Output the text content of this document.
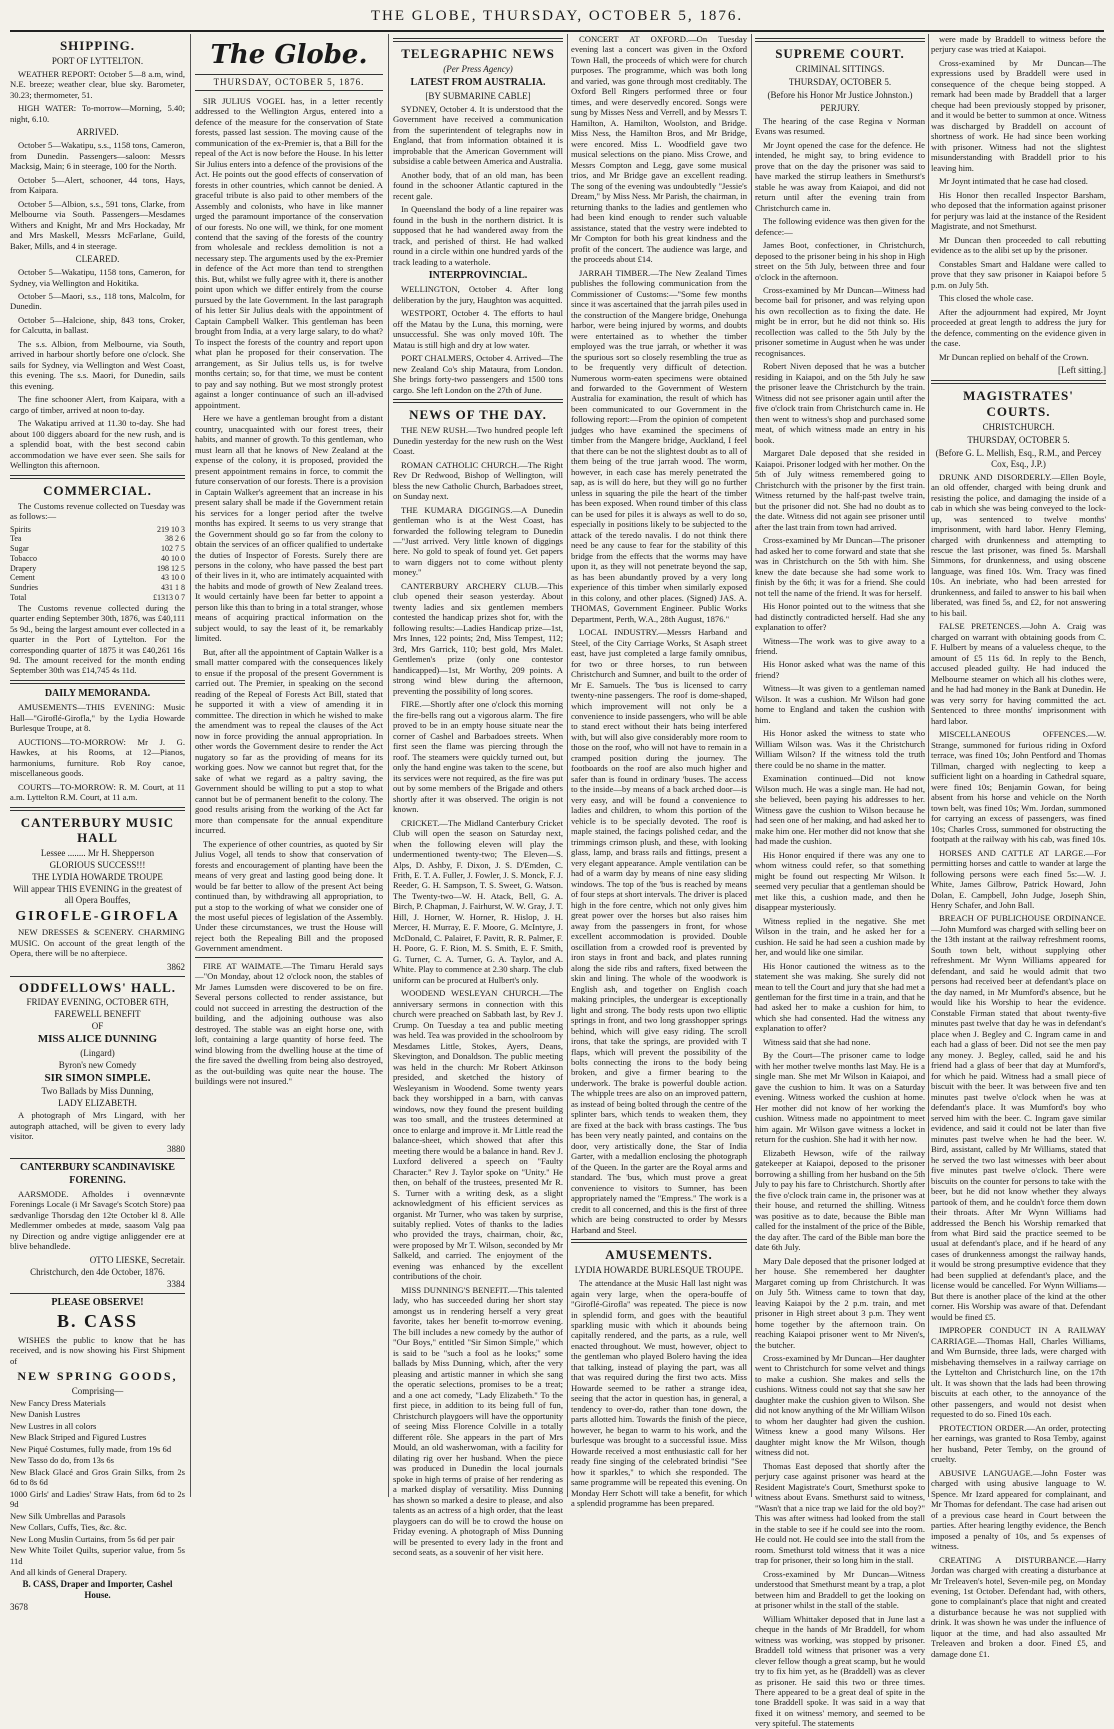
THE GLOBE, THURSDAY, OCTOBER 5, 1876.
SHIPPING.
PORT OF LYTTELTON.

WEATHER REPORT: October 5—8 a.m, wind, N.E. breeze; weather clear, blue sky. Barometer, 30.23; thermometer, 51.

HIGH WATER: To-morrow—Morning, 5.40; night, 6.10.

ARRIVED.

October 5—Wakatipu, s.s., 1158 tons, Cameron, from Dunedin. Passengers—saloon: Messrs Macksig, Main; 6 in steerage, 100 for the North.

October 5—Alert, schooner, 44 tons, Hays, from Kaipara.

October 5—Albion, s.s., 591 tons, Clarke, from Melbourne via South. Passengers—Mesdames Withers and Knight, Mr and Mrs Hockaday, Mr and Mrs Maskell, Messrs McFarlane, Guild, Baker, Mills, and 4 in steerage.

CLEARED.

October 5—Wakatipu, 1158 tons, Cameron, for Sydney, via Wellington and Hokitika.

October 5—Maori, s.s., 118 tons, Malcolm, for Dunedin.

October 5—Halcione, ship, 843 tons, Croker, for Calcutta, in ballast.

The s.s. Albion, from Melbourne, via South, arrived in harbour shortly before one o'clock. She sails for Sydney, via Wellington and West Coast, this evening. The s.s. Maori, for Dunedin, sails this evening.

The fine schooner Alert, from Kaipara, with a cargo of timber, arrived at noon to-day.

The Wakatipu arrived at 11.30 to-day. She had about 100 diggers aboard for the new rush, and is a splendid boat, with the best second cabin accommodation we have ever seen. She sails for Wellington this afternoon.

COMMERCIAL.

The Customs revenue collected on Tuesday was as follows:—

Spirits	219 10 3
Tea	38 2 6
Sugar	102 7 5
Tobacco	40 10 0
Drapery	198 12 5
Cement	43 10 0
Sundries	431 1 8
Total	£1313 0 7

The Customs revenue collected during the quarter ending September 30th, 1876, was £40,111 5s 9d., being the largest amount ever collected in a quarter in the Port of Lyttelton. For the corresponding quarter of 1875 it was £40,261 16s 9d. The amount received for the month ending September 30th was £14,745 4s 11d.

DAILY MEMORANDA.

AMUSEMENTS—THIS EVENING: Music Hall—"Giroflé-Girofla," by the Lydia Howarde Burlesque Troupe, at 8.

AUCTIONS—TO-MORROW: Mr J. G. Hawkes, at his Rooms, at 12—Pianos, harmoniums, furniture. Rob Roy canoe, miscellaneous goods.

COURTS—TO-MORROW: R. M. Court, at 11 a.m. Lyttelton R.M. Court, at 11 a.m.

CANTERBURY MUSIC HALL
Lessee ........ Mr H. Shepperson
GLORIOUS SUCCESS!!!
THE LYDIA HOWARDE TROUPE
Will appear THIS EVENING in the greatest of all Opera Bouffes,
GIROFLE-GIROFLA

NEW DRESSES & SCENERY. CHARMING MUSIC. On account of the great length of the Opera, there will be no afterpiece.

3862
ODDFELLOWS' HALL.
FRIDAY EVENING, OCTOBER 6TH,
FAREWELL BENEFIT
OF
MISS ALICE DUNNING
(Lingard)
Byron's new Comedy
SIR SIMON SIMPLE.
Two Ballads by Miss Dunning,
LADY ELIZABETH.

A photograph of Mrs Lingard, with her autograph attached, will be given to every lady visitor.

3880
CANTERBURY SCANDINAVISKE FORENING.

AARSMODE. Afholdes i ovennævnte Forenings Locale (i Mr Savage's Scotch Store) paa sædvanlige Thorsdag den 12te October kl 8. Alle Medlemmer ombedes at møde, saasom Valg paa ny Direction og andre vigtige anliggender ere at blive behandlede.

OTTO LIESKE, Secretair.
Christchurch, den 4de October, 1876.
3384
PLEASE OBSERVE!
B. CASS

WISHES the public to know that he has received, and is now showing his First Shipment of

NEW SPRING GOODS,
Comprising—
New Fancy Dress Materials
New Danish Lustres
New Lustres in all colors
New Black Striped and Figured Lustres
New Piqué Costumes, fully made, from 19s 6d
New Tasso do do, from 13s 6s
New Black Glacé and Gros Grain Silks, from 2s 6d to 8s 6d
1000 Girls' and Ladies' Straw Hats, from 6d to 2s 9d
New Silk Umbrellas and Parasols
New Collars, Cuffs, Ties, &c. &c.
New Long Muslin Curtains, from 5s 6d per pair
New White Toilet Quilts, superior value, from 5s 11d
And all kinds of General Drapery.
B. CASS, Draper and Importer, Cashel House.
3678
The Globe.
THURSDAY, OCTOBER 5, 1876.

SIR JULIUS VOGEL has, in a letter recently addressed to the Wellington Argus, entered into a defence of the measure for the conservation of State forests, passed last session. The moving cause of the communication of the ex-Premier is, that a Bill for the repeal of the Act is now before the House. In his letter Sir Julius enters into a defence of the provisions of the Act. He points out the good effects of conservation of forests in other countries, which cannot be denied. A graceful tribute is also paid to other members of the Assembly and colonists, who have in like manner urged the paramount importance of the conservation of our forests. No one will, we think, for one moment contend that the saving of the forests of the country from wholesale and reckless demolition is not a necessary step. The arguments used by the ex-Premier in defence of the Act more than tend to strengthen this. But, whilst we fully agree with it, there is another point upon which we differ entirely from the course pursued by the late Government. In the last paragraph of his letter Sir Julius deals with the appointment of Captain Campbell Walker. This gentleman has been brought from India, at a very large salary, to do what? To inspect the forests of the country and report upon what plan he proposed for their conservation. The arrangement, as Sir Julius tells us, is for twelve months certain; so, for that time, we must be content to pay and say nothing. But we most strongly protest against a longer continuance of such an ill-advised appointment.

Here we have a gentleman brought from a distant country, unacquainted with our forest trees, their habits, and manner of growth. To this gentleman, who must learn all that he knows of New Zealand at the expense of the colony, it is proposed, provided the present appointment remains in force, to commit the future conservation of our forests. There is a provision in Captain Walker's agreement that an increase in his present salary shall be made if the Government retain his services for a longer period after the twelve months has expired. It seems to us very strange that the Government should go so far from the colony to obtain the services of an officer qualified to undertake the duties of Inspector of Forests. Surely there are persons in the colony, who have passed the best part of their lives in it, who are intimately acquainted with the habits and mode of growth of New Zealand trees. It would certainly have been far better to appoint a person like this than to bring in a total stranger, whose means of acquiring practical information on the subject would, to say the least of it, be remarkably limited.

But, after all the appointment of Captain Walker is a small matter compared with the consequences likely to ensue if the proposal of the present Government is carried out. The Premier, in speaking on the second reading of the Repeal of Forests Act Bill, stated that he supported it with a view of amending it in committee. The direction in which he wished to make the amendment was to repeal the clauses of the Act now in force providing the annual appropriation. In other words the Government desire to render the Act nugatory so far as the providing of means for its working goes. Now we cannot but regret that, for the sake of what we regard as a paltry saving, the Government should be willing to put a stop to what cannot but be of permanent benefit to the colony. The good results arising from the working of the Act far more than compensate for the annual expenditure incurred.

The experience of other countries, as quoted by Sir Julius Vogel, all tends to show that conservation of forests and encouragement of planting have been the means of very great and lasting good being done. It would be far better to allow of the present Act being continued than, by withdrawing all appropriation, to put a stop to the working of what we consider one of the most useful pieces of legislation of the Assembly. Under these circumstances, we trust the House will reject both the Repealing Bill and the proposed Government amendment.

FIRE AT WAIMATE.—The Timaru Herald says—"On Monday, about 12 o'clock noon, the stables of Mr James Lumsden were discovered to be on fire. Several persons collected to render assistance, but could not succeed in arresting the destruction of the building, and the adjoining outhouse was also destroyed. The stable was an eight horse one, with loft, containing a large quantity of horse feed. The wind blowing from the dwelling house at the time of the fire saved the dwelling from being also destroyed, as the out-building was quite near the house. The buildings were not insured."

TELEGRAPHIC NEWS
(Per Press Agency)
LATEST FROM AUSTRALIA.
[BY SUBMARINE CABLE]

SYDNEY, October 4. It is understood that the Government have received a communication from the superintendent of telegraphs now in England, that from information obtained it is improbable that the American Government will subsidise a cable between America and Australia.

Another body, that of an old man, has been found in the schooner Atlantic captured in the recent gale.

In Queensland the body of a line repairer was found in the bush in the northern district. It is supposed that he had wandered away from the track, and perished of thirst. He had walked round in a circle within one hundred yards of the track leading to a waterhole.

INTERPROVINCIAL.

WELLINGTON, October 4. After long deliberation by the jury, Haughton was acquitted.

WESTPORT, October 4. The efforts to haul off the Matau by the Luna, this morning, were unsuccessful. She was only moved 10ft. The Matau is still high and dry at low water.

PORT CHALMERS, October 4. Arrived—The new Zealand Co's ship Mataura, from London. She brings forty-two passengers and 1500 tons cargo. She left London on the 27th of June.

NEWS OF THE DAY.

THE NEW RUSH.—Two hundred people left Dunedin yesterday for the new rush on the West Coast.

ROMAN CATHOLIC CHURCH.—The Right Rev Dr Redwood, Bishop of Wellington, will bless the new Catholic Church, Barbadoes street, on Sunday next.

THE KUMARA DIGGINGS.—A Dunedin gentleman who is at the West Coast, has forwarded the following telegram to Dunedin—"Just arrived. Very little known of diggings here. No gold to speak of found yet. Get papers to warn diggers not to come without plenty money."

CANTERBURY ARCHERY CLUB.—This club opened their season yesterday. About twenty ladies and six gentlemen members contested the handicap prizes shot for, with the following results:—Ladies Handicap prize—1st, Mrs Innes, 122 points; 2nd, Miss Tempest, 112; 3rd, Mrs Garrick, 110; best gold, Mrs Malet. Gentlemen's prize (only one contestor handicapped)—1st, Mr Worthy, 209 points. A strong wind blew during the afternoon, preventing the possibility of long scores.

FIRE.—Shortly after one o'clock this morning the fire-bells rang out a vigorous alarm. The fire proved to be in an empty house situate near the corner of Cashel and Barbadoes streets. When first seen the flame was piercing through the roof. The steamers were quickly turned out, but only the hand engine was taken to the scene, but its services were not required, as the fire was put out by some members of the Brigade and others shortly after it was observed. The origin is not known.

CRICKET.—The Midland Canterbury Cricket Club will open the season on Saturday next, when the following eleven will play the undermentioned twenty-two; The Eleven—S. Alps, D. Ashby, F. Dixon, J. S. D'Emden, C. Frith, E. T. A. Fuller, J. Fowler, J. S. Monck, F. J. Reeder, G. H. Sampson, T. S. Sweet, G. Watson. The Twenty-two—W. H. Atack, Bell, G. A. Birch, P. Chapman, J. Fairhurst, W. W. Gray, J. T. Hill, J. Horner, W. Horner, R. Hislop, J. H. Mercer, H. Murray, E. F. Moore, G. McIntyre, J. McDonald, C. Palairet, F. Pavitt, R. R. Palmer, F. H. Poore, G. F. Rion, M. S. Smith, E. F. Smith, G. Turner, C. A. Turner, G. A. Taylor, and A. White. Play to commence at 2.30 sharp. The club uniform can be procured at Hulbert's only.

WOODEND WESLEYAN CHURCH.—The anniversary sermons in connection with this church were preached on Sabbath last, by Rev J. Crump. On Tuesday a tea and public meeting was held. Tea was provided in the schoolroom by Mesdames Little, Stokes, Ayers, Deans, Skevington, and Donaldson. The public meeting was held in the church: Mr Robert Atkinson presided, and sketched the history of Wesleyanism in Woodend. Some twenty years back they worshipped in a barn, with canvas windows, now they found the present building was too small, and the trustees determined at once to enlarge and improve it. Mr Little read the balance-sheet, which showed that after this meeting there would be a balance in hand. Rev J. Luxford delivered a speech on "Faulty Character." Rev J. Taylor spoke on "Unity." He then, on behalf of the trustees, presented Mr R. S. Turner with a writing desk, as a slight acknowledgment of his efficient services as organist. Mr Turner, who was taken by surprise, suitably replied. Votes of thanks to the ladies who provided the trays, chairman, choir, &c, were proposed by Mr T. Wilson, seconded by Mr Salkeld, and carried. The enjoyment of the evening was enhanced by the excellent contributions of the choir.

MISS DUNNING'S BENEFIT.—This talented lady, who has succeeded during her short stay amongst us in rendering herself a very great favorite, takes her benefit to-morrow evening. The bill includes a new comedy by the author of "Our Boys," entitled "Sir Simon Simple," which is said to be "such a fool as he looks;" some ballads by Miss Dunning, which, after the very pleasing and artistic manner in which she sang the operatic selections, promises to be a treat; and a one act comedy, "Lady Elizabeth." To the first piece, in addition to its being full of fun, Christchurch playgoers will have the opportunity of seeing Miss Florence Colville in a totally different rôle. She appears in the part of Mrs Mould, an old washerwoman, with a facility for dilating rig over her husband. When the piece was produced in Dunedin the local journals spoke in high terms of praise of her rendering as a marked display of versatility. Miss Dunning has shown so marked a desire to please, and also talents as an actress of a high order, that the least playgoers can do will be to crowd the house on Friday evening. A photograph of Miss Dunning will be presented to every lady in the front and second seats, as a souvenir of her visit here.

CONCERT AT OXFORD.—On Tuesday evening last a concert was given in the Oxford Town Hall, the proceeds of which were for church purposes. The programme, which was both long and varied, was gone through most creditably. The Oxford Bell Ringers performed three or four times, and were deservedly encored. Songs were sung by Misses Ness and Verrell, and by Messrs T. Hamilton, A. Hamilton, Woolston, and Bridge. Miss Ness, the Hamilton Bros, and Mr Bridge, were encored. Miss L. Woodfield gave two musical selections on the piano. Miss Crowe, and Messrs Compton and Legg, gave some musical trios, and Mr Bridge gave an excellent reading. The song of the evening was undoubtedly "Jessie's Dream," by Miss Ness. Mr Parish, the chairman, in returning thanks to the ladies and gentlemen who had been kind enough to render such valuable assistance, stated that the vestry were indebted to Mr Compton for both his great kindness and the profit of the concert. The audience was large, and the proceeds about £14.

JARRAH TIMBER.—The New Zealand Times publishes the following communication from the Commissioner of Customs:—"Some few months since it was ascertained that the jarrah piles used in the construction of the Mangere bridge, Onehunga harbor, were being injured by worms, and doubts were entertained as to whether the timber employed was the true jarrah, or whether it was the spurious sort so closely resembling the true as to be frequently very difficult of detection. Numerous worm-eaten specimens were obtained and forwarded to the Government of Western Australia for examination, the result of which has been communicated to our Government in the following report:—From the opinion of competent judges who have examined the specimens of timber from the Mangere bridge, Auckland, I feel that there can be not the slightest doubt as to all of them being of the true jarrah wood. The worm, however, in each case has merely penetrated the sap, as is will do here, but they will go no further unless in squaring the pile the heart of the timber has been exposed. When round timber of this class can be used for piles it is always as well to do so, especially in positions likely to be subjected to the attack of the teredo navalis. I do not think there need be any cause to fear for the stability of this bridge from the effects that the worms may have upon it, as they will not penetrate beyond the sap, as has been abundantly proved by a very long experience of this timber when similarly exposed in this colony, and other places. (Signed) JAS. A. THOMAS, Government Engineer. Public Works Department, Perth, W.A., 28th August, 1876."

LOCAL INDUSTRY.—Messrs Harband and Steel, of the City Carriage Works, St Asaph street east, have just completed a large family omnibus, for two or three horses, to run between Christchurch and Sumner, and built to the order of Mr E. Samuels. The 'bus is licensed to carry twenty-nine passengers. The roof is dome-shaped, which improvement will not only be a convenience to inside passengers, who will be able to stand erect without their hats being interfered with, but will also give considerably more room to those on the roof, who will not have to remain in a cramped position during the journey. The footboards on the roof are also much higher and safer than is found in ordinary 'buses. The access to the inside—by means of a back arched door—is very easy, and will be found a convenience to ladies and children, to whom this portion of the vehicle is to be specially devoted. The roof is maple stained, the facings polished cedar, and the trimmings crimson plush, and these, with looking glass, lamp, and brass rails and fittings, present a very elegant appearance. Ample ventilation can be had of a warm day by means of nine easy sliding windows. The top of the 'bus is reached by means of four steps at short intervals. The driver is placed high in the fore centre, which not only gives him great power over the horses but also raises him away from the passengers in front, for whose excellent accommodation is provided. Double oscillation from a crowded roof is prevented by iron stays in front and back, and plates running along the side ribs and rafters, fixed between the skin and lining. The whole of the woodwork is English ash, and together on English coach making principles, the undergear is exceptionally light and strong. The body rests upon two elliptic springs in front, and two long grasshopper springs behind, which will give easy riding. The scroll irons, that take the springs, are provided with T flaps, which will prevent the possibility of the bolts connecting the irons to the body being broken, and give a firmer bearing to the underwork. The brake is powerful double action. The whipple trees are also on an improved pattern, as instead of being bolted through the centre of the splinter bars, which tends to weaken them, they are fixed at the back with brass castings. The 'bus has been very neatly painted, and contains on the door, very artistically done, the Star of India Garter, with a medallion enclosing the photograph of the Queen. In the garter are the Royal arms and standard. The 'bus, which must prove a great convenience to visitors to Sumner, has been appropriately named the "Empress." The work is a credit to all concerned, and this is the first of three which are being constructed to order by Messrs Harband and Steel.

AMUSEMENTS.
LYDIA HOWARDE BURLESQUE TROUPE.

The attendance at the Music Hall last night was again very large, when the opera-bouffe of "Giroflé-Girofla" was repeated. The piece is now in splendid form, and goes with the beautiful sparkling music with which it abounds being capitally rendered, and the parts, as a rule, well enacted throughout. We must, however, object to the gentleman who played Bolero having the idea that talking, instead of playing the part, was all that was required during the first two acts. Miss Howarde seemed to be rather a strange idea, seeing that the actor in question has, in general, a tendency to over-do, rather than tone down, the parts allotted him. Towards the finish of the piece, however, he began to warm to his work, and the burlesque was brought to a successful issue. Miss Howarde received a most enthusiastic call for her ready fine singing of the celebrated brindisi "See how it sparkles," to which she responded. The same programme will be repeated this evening. On Monday Herr Schott will take a benefit, for which a splendid programme has been prepared.

SUPREME COURT.
CRIMINAL SITTINGS.
THURSDAY, OCTOBER 5.
(Before his Honor Mr Justice Johnston.)
PERJURY.

The hearing of the case Regina v Norman Evans was resumed.

Mr Joynt opened the case for the defence. He intended, he might say, to bring evidence to prove that on the day the prisoner was said to have marked the stirrup leathers in Smethurst's stable he was away from Kaiapoi, and did not return until after the evening train from Christchurch came in.

The following evidence was then given for the defence:—

James Boot, confectioner, in Christchurch, deposed to the prisoner being in his shop in High street on the 5th July, between three and four o'clock in the afternoon.

Cross-examined by Mr Duncan—Witness had become bail for prisoner, and was relying upon his own recollection as to fixing the date. He might be in error, but he did not think so. His recollection was called to the 5th July by the prisoner sometime in August when he was under recognisances.

Robert Niven deposed that he was a butcher residing in Kaiapoi, and on the 5th July he saw the prisoner leave the Christchurch by the train. Witness did not see prisoner again until after the five o'clock train from Christchurch came in. He then went to witness's shop and purchased some meat, of which witness made an entry in his book.

Margaret Dale deposed that she resided in Kaiapoi. Prisoner lodged with her mother. On the 5th of July witness remembered going to Christchurch with the prisoner by the first train. Witness returned by the half-past twelve train, but the prisoner did not. She had no doubt as to the date. Witness did not again see prisoner until after the last train from town had arrived.

Cross-examined by Mr Duncan—The prisoner had asked her to come forward and state that she was in Christchurch on the 5th with him. She knew the date because she had some work to finish by the 6th; it was for a friend. She could not tell the name of the friend. It was for herself.

His Honor pointed out to the witness that she had distinctly contradicted herself. Had she any explanation to offer?

Witness—The work was to give away to a friend.

His Honor asked what was the name of this friend?

Witness—It was given to a gentleman named Wilson. It was a cushion. Mr Wilson had gone home to England and taken the cushion with him.

His Honor asked the witness to state who William Wilson was. Was it the Christchurch William Wilson? If the witness told the truth there could be no shame in the matter.

Examination continued—Did not know Wilson much. He was a single man. He had not, she believed, been paying his addresses to her. Witness gave the cushion to Wilson because he had seen one of her making, and had asked her to make him one. Her mother did not know that she had made the cushion.

His Honor enquired if there was any one to whom witness could refer, so that something might be found out respecting Mr Wilson. It seemed very peculiar that a gentleman should be met like this, a cushion made, and then he disappear mysteriously.

Witness replied in the negative. She met Wilson in the train, and he asked her for a cushion. He said he had seen a cushion made by her, and would like one similar.

His Honor cautioned the witness as to the statement she was making. She surely did not mean to tell the Court and jury that she had met a gentleman for the first time in a train, and that he had asked her to make a cushion for him, to which she had consented. Had the witness any explanation to offer?

Witness said that she had none.

By the Court—The prisoner came to lodge with her mother twelve months last May. He is a single man. She met Mr Wilson in Kaiapoi, and gave the cushion to him. It was on a Saturday evening. Witness worked the cushion at home. Her mother did not know of her working the cushion. Witness made no appointment to meet him again. Mr Wilson gave witness a locket in return for the cushion. She had it with her now.

Elizabeth Hewson, wife of the railway gatekeeper at Kaiapoi, deposed to the prisoner borrowing a shilling from her husband on the 5th July to pay his fare to Christchurch. Shortly after the five o'clock train came in, the prisoner was at their house, and returned the shilling. Witness was positive as to date, because the Bible man called for the instalment of the price of the Bible, the day after. The card of the Bible man bore the date 6th July.

Mary Dale deposed that the prisoner lodged at her house. She remembered her daughter Margaret coming up from Christchurch. It was on July 5th. Witness came to town that day, leaving Kaiapoi by the 2 p.m. train, and met prisoner in High street about 3 p.m. They went home together by the afternoon train. On reaching Kaiapoi prisoner went to Mr Niven's, the butcher.

Cross-examined by Mr Duncan—Her daughter went to Christchurch for some velvet and things to make a cushion. She makes and sells the cushions. Witness could not say that she saw her daughter make the cushion given to Wilson. She did not know anything of the Mr William Wilson to whom her daughter had given the cushion. Witness knew a good many Wilsons. Her daughter might know the Mr Wilson, though witness did not.

Thomas East deposed that shortly after the perjury case against prisoner was heard at the Resident Magistrate's Court, Smethurst spoke to witness about Evans. Smethurst said to witness, "Wasn't that a nice trap we laid for the old boy?" This was after witness had looked from the stall in the stable to see if he could see into the room. He could not. He could see into the stall from the room. Smethurst told witness that it was a nice trap for prisoner, their so long him in the stall.

Cross-examined by Mr Duncan—Witness understood that Smethurst meant by a trap, a plot between him and Braddell to get the looking on at prisoner whilst in the stall of the stable.

William Whittaker deposed that in June last a cheque in the hands of Mr Braddell, for whom witness was working, was stopped by prisoner. Braddell told witness that prisoner was a very clever fellow though a great scamp, but he would try to fix him yet, as he (Braddell) was as clever as prisoner. He said this two or three times. There appeared to be a great deal of spite in the tone Braddell spoke. It was said in a way that fixed it on witness' memory, and seemed to be very spiteful. The statements

were made by Braddell to witness before the perjury case was tried at Kaiapoi.

Cross-examined by Mr Duncan—The expressions used by Braddell were used in consequence of the cheque being stopped. A remark had been made by Braddell that a larger cheque had been previously stopped by prisoner, and it would be better to summon at once. Witness was discharged by Braddell on account of shortness of work. He had since been working with prisoner. Witness had not the slightest misunderstanding with Braddell prior to his leaving him.

Mr Joynt intimated that he case had closed.

His Honor then recalled Inspector Barsham, who deposed that the information against prisoner for perjury was laid at the instance of the Resident Magistrate, and not Smethurst.

Mr Duncan then proceeded to call rebutting evidence as to the alibi set up by the prisoner.

Constables Smart and Haldane were called to prove that they saw prisoner in Kaiapoi before 5 p.m. on July 5th.

This closed the whole case.

After the adjournment had expired, Mr Joynt proceeded at great length to address the jury for the defence, commenting on the evidence given in the case.

Mr Duncan replied on behalf of the Crown.

[Left sitting.]
MAGISTRATES' COURTS.
CHRISTCHURCH.
THURSDAY, OCTOBER 5.
(Before G. L. Mellish, Esq., R.M., and Percey Cox, Esq., J.P.)

DRUNK AND DISORDERLY.—Ellen Boyle, an old offender, charged with being drunk and resisting the police, and damaging the inside of a cab in which she was being conveyed to the lock-up, was sentenced to twelve months' imprisonment, with hard labor. Henry Fleming, charged with drunkenness and attempting to rescue the last prisoner, was fined 5s. Marshall Simmons, for drunkenness, and using obscene language, was fined 10s. Wm. Tracy was fined 10s. An inebriate, who had been arrested for drunkenness, and failed to answer to his bail when liberated, was fined 5s, and £2, for not answering to his bail.

FALSE PRETENCES.—John A. Craig was charged on warrant with obtaining goods from C. F. Hulbert by means of a valueless cheque, to the amount of £5 11s 6d. In reply to the Bench, accused pleaded guilty. He had induced the Melbourne steamer on which all his clothes were, and he had had money in the Bank at Dunedin. He was very sorry for having committed the act. Sentenced to three months' imprisonment with hard labor.

MISCELLANEOUS OFFENCES.—W. Strange, summoned for furious riding in Oxford terrace, was fined 10s; John Pentford and Thomas Tillman, charged with neglecting to keep a sufficient light on a hoarding in Cathedral square, were fined 10s; Benjamin Gowan, for being absent from his horse and vehicle on the North town belt, was fined 10s; Wm. Jordan, summoned for carrying an excess of passengers, was fined 10s; Charles Cross, summoned for obstructing the footpath at the railway with his cab, was fined 10s.

HORSES AND CATTLE AT LARGE.—For permitting horses and cattle to wander at large the following persons were each fined 5s:—W. J. White, James Gilbrow, Patrick Howard, John Dolan, E. Campbell, John Judge, Joseph Shin, Henry Schafer, and John Ball.

BREACH OF PUBLICHOUSE ORDINANCE.—John Mumford was charged with selling beer on the 13th instant at the railway refreshment rooms, South town belt, without supplying other refreshment. Mr Wynn Williams appeared for defendant, and said he would admit that two persons had received beer at defendant's place on the day named, in Mr Mumford's absence, but he would like his Worship to hear the evidence. Constable Firman stated that about twenty-five minutes past twelve that day he was in defendant's place when J. Begley and C. Ingram came in and each had a glass of beer. Did not see the men pay any money. J. Begley, called, said he and his friend had a glass of beer that day at Mumford's, for which he paid. Witness had a small piece of biscuit with the beer. It was between five and ten minutes past twelve o'clock when he was at defendant's place. It was Mumford's boy who served him with the beer. C. Ingram gave similar evidence, and said it could not be later than five minutes past twelve when he had the beer. W. Bird, assistant, called by Mr Williams, stated that he served the two last witnesses with beer about five minutes past twelve o'clock. There were biscuits on the counter for persons to take with the beer, but he did not know whether they always partook of them, and he couldn't force them down their throats. After Mr Wynn Williams had addressed the Bench his Worship remarked that from what Bird said the practice seemed to be usual at defendant's place, and if he heard of any cases of drunkenness amongst the railway hands, it would be strong presumptive evidence that they had been supplied at defendant's place, and the license would be cancelled. For Wynn Williams—But there is another place of the kind at the other corner. His Worship was aware of that. Defendant would be fined £5.

IMPROPER CONDUCT IN A RAILWAY CARRIAGE.—Thomas Hall, Charles Williams, and Wm Burnside, three lads, were charged with misbehaving themselves in a railway carriage on the Lyttelton and Christchurch line, on the 17th ult. It was shown that the lads had been throwing biscuits at each other, to the annoyance of the other passengers, and would not desist when requested to do so. Fined 10s each.

PROTECTION ORDER.—An order, protecting her earnings, was granted to Rosa Temby, against her husband, Peter Temby, on the ground of cruelty.

ABUSIVE LANGUAGE.—John Foster was charged with using abusive language to W. Spence. Mr Izard appeared for complainant, and Mr Thomas for defendant. The case had arisen out of a previous case heard in Court between the parties. After hearing lengthy evidence, the Bench imposed a penalty of 10s, and 5s expenses of witness.

CREATING A DISTURBANCE.—Harry Jordan was charged with creating a disturbance at Mr Treleaven's hotel, Seven-mile peg, on Monday evening, 1st October. Defendant had, with others, gone to complainant's place that night and created a disturbance because he was not supplied with drink. It was shown he was under the influence of liquor at the time, and had also assaulted Mr Treleaven and broken a door. Fined £5, and damage done £1.
